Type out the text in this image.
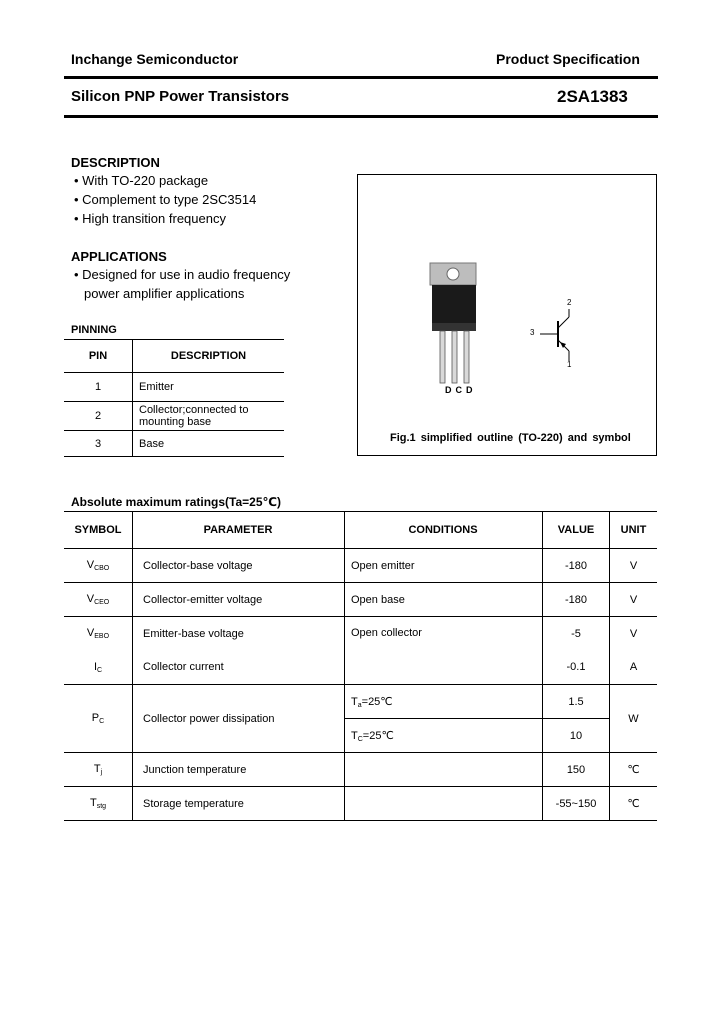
Inchange Semiconductor	Product Specification
Silicon PNP Power Transistors	2SA1383
DESCRIPTION
• With TO-220 package
• Complement to type 2SC3514
• High transition frequency
APPLICATIONS
• Designed for use in audio frequency
power amplifier applications
PINNING
PIN	DESCRIPTION
1	Emitter
2	Collector;connected to mounting base
3	Base
DCD
2
3
1
Fig.1 simplified outline (TO-220) and symbol
Absolute maximum ratings(Ta=25℃)
SYMBOL	PARAMETER	CONDITIONS	VALUE	UNIT
$V_{CBO}$	Collector-base voltage	Open emitter	-180	V
$V_{CEO}$	Collector-emitter voltage	Open base	-180	V
$V_{EBO}$	Emitter-base voltage	Open collector	-5	V
$I_C$	Collector current		-0.1	A
$P_C$	Collector power dissipation	$T_a=25℃$	1.5	W
		$T_C=25℃$	10	
$T_j$	Junction temperature		150	℃
$T_{stg}$	Storage temperature		-55~150	℃
